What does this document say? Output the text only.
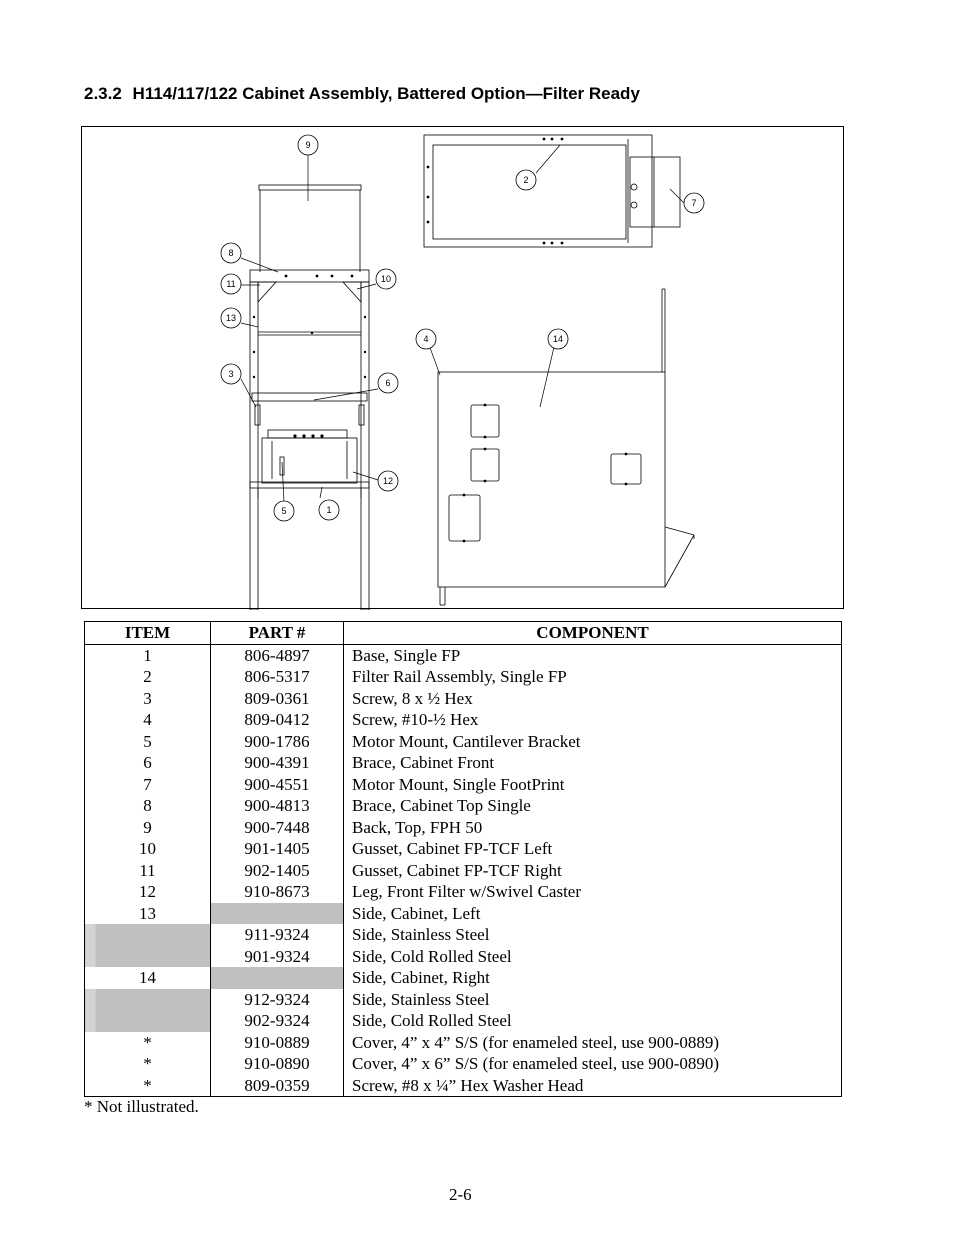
2.3.2 H114/117/122 Cabinet Assembly, Battered Option—Filter Ready
9
8
11	10
13
3
6
12
5	1
2
7
4	14
ITEM	PART #	COMPONENT
1	806-4897	Base, Single FP
2	806-5317	Filter Rail Assembly, Single FP
3	809-0361	Screw, 8 x ½ Hex
4	809-0412	Screw, #10-½ Hex
5	900-1786	Motor Mount, Cantilever Bracket
6	900-4391	Brace, Cabinet Front
7	900-4551	Motor Mount, Single FootPrint
8	900-4813	Brace, Cabinet Top Single
9	900-7448	Back, Top, FPH 50
10	901-1405	Gusset, Cabinet FP-TCF Left
11	902-1405	Gusset, Cabinet FP-TCF Right
12	910-8673	Leg, Front Filter w/Swivel Caster
13		Side, Cabinet, Left
	911-9324	Side, Stainless Steel
	901-9324	Side, Cold Rolled Steel
14		Side, Cabinet, Right
	912-9324	Side, Stainless Steel
	902-9324	Side, Cold Rolled Steel
*	910-0889	Cover, 4” x 4” S/S (for enameled steel, use 900-0889)
*	910-0890	Cover, 4” x 6” S/S (for enameled steel, use 900-0890)
*	809-0359	Screw, #8 x ¼” Hex Washer Head
* Not illustrated.
2-6
